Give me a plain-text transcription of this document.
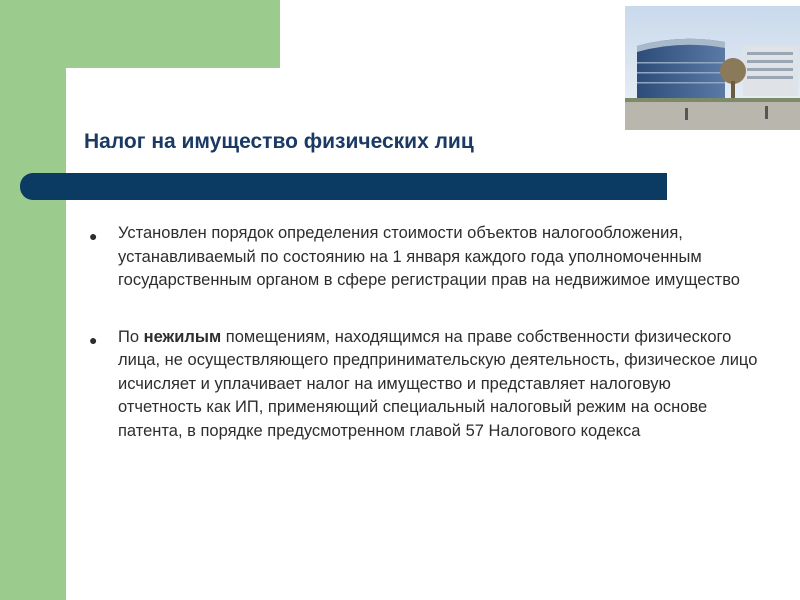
Налог на имущество физических лиц
● Установлен порядок определения стоимости объектов налогообложения, устанавливаемый по состоянию на 1 января каждого года уполномоченным государственным органом в сфере регистрации прав на недвижимое имущество
● По нежилым помещениям, находящимся на праве собственности физического лица, не осуществляющего предпринимательскую деятельность, физическое лицо исчисляет и уплачивает налог на имущество и представляет налоговую отчетность как ИП, применяющий специальный налоговый режим на основе патента, в порядке предусмотренном главой 57 Налогового кодекса
